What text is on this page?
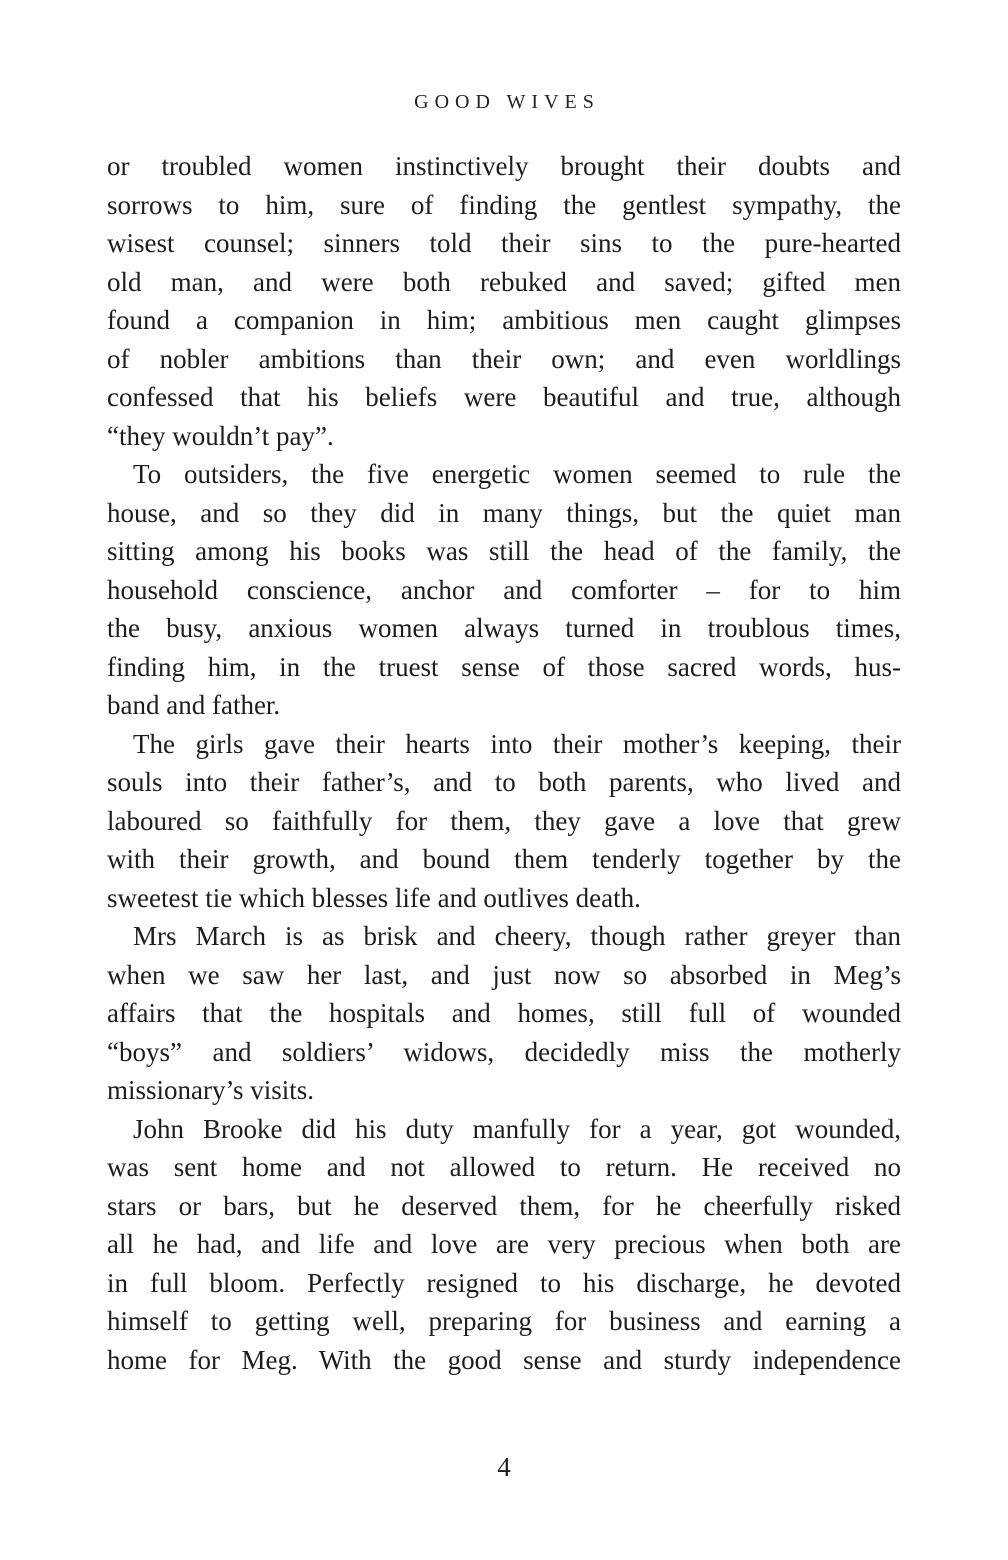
GOOD WIVES

or troubled women instinctively brought their doubts and
sorrows to him, sure of finding the gentlest sympathy, the
wisest counsel; sinners told their sins to the pure-hearted
old man, and were both rebuked and saved; gifted men
found a companion in him; ambitious men caught glimpses
of nobler ambitions than their own; and even worldlings
confessed that his beliefs were beautiful and true, although
“they wouldn’t pay”.

To outsiders, the five energetic women seemed to rule the
house, and so they did in many things, but the quiet man
sitting among his books was still the head of the family, the
household conscience, anchor and comforter – for to him
the busy, anxious women always turned in troublous times,
finding him, in the truest sense of those sacred words, hus-
band and father.

The girls gave their hearts into their mother’s keeping, their
souls into their father’s, and to both parents, who lived and
laboured so faithfully for them, they gave a love that grew
with their growth, and bound them tenderly together by the
sweetest tie which blesses life and outlives death.

Mrs March is as brisk and cheery, though rather greyer than
when we saw her last, and just now so absorbed in Meg’s
affairs that the hospitals and homes, still full of wounded
“boys” and soldiers’ widows, decidedly miss the motherly
missionary’s visits.

John Brooke did his duty manfully for a year, got wounded,
was sent home and not allowed to return. He received no
stars or bars, but he deserved them, for he cheerfully risked
all he had, and life and love are very precious when both are
in full bloom. Perfectly resigned to his discharge, he devoted
himself to getting well, preparing for business and earning a
home for Meg. With the good sense and sturdy independence

4
